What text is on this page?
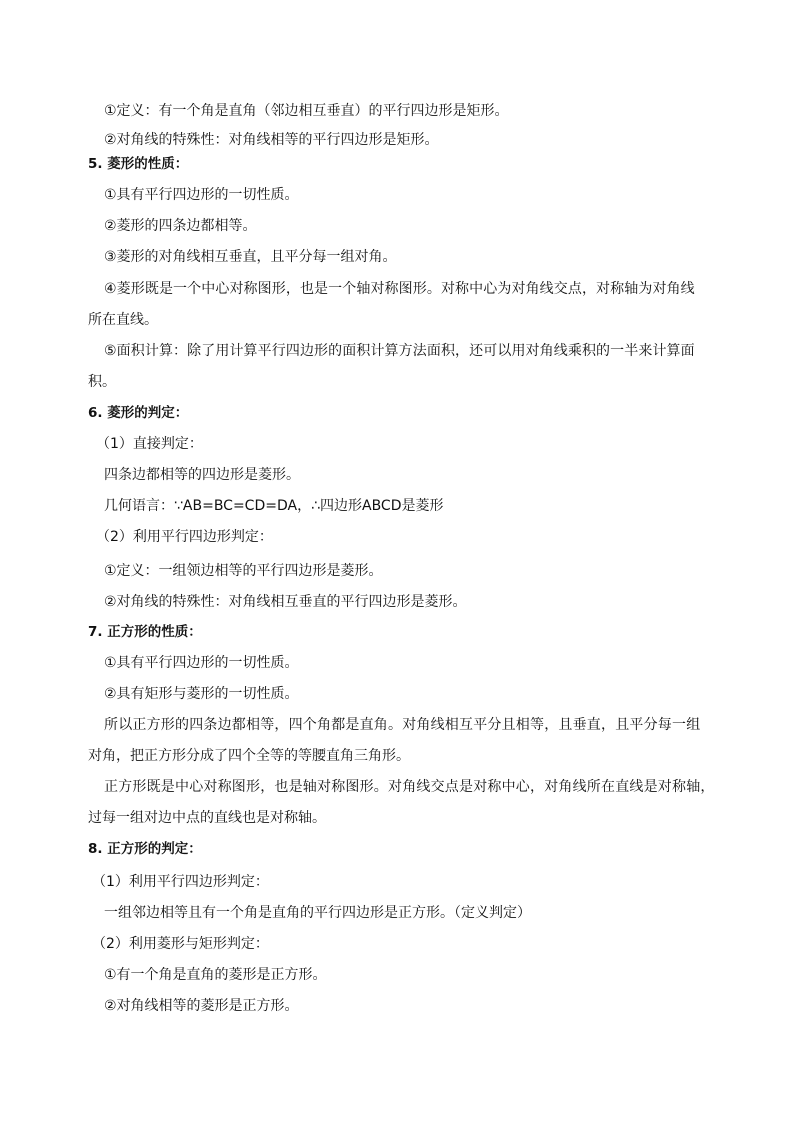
①定义：有一个角是直角（邻边相互垂直）的平行四边形是矩形。
②对角线的特殊性：对角线相等的平行四边形是矩形。
5. 菱形的性质：
①具有平行四边形的一切性质。
②菱形的四条边都相等。
③菱形的对角线相互垂直，且平分每一组对角。
④菱形既是一个中心对称图形，也是一个轴对称图形。对称中心为对角线交点，对称轴为对角线
所在直线。
⑤面积计算：除了用计算平行四边形的面积计算方法面积，还可以用对角线乘积的一半来计算面
积。
6. 菱形的判定：
（1）直接判定：
四条边都相等的四边形是菱形。
几何语言：∵AB=BC=CD=DA，∴四边形ABCD是菱形
（2）利用平行四边形判定：
①定义：一组领边相等的平行四边形是菱形。
②对角线的特殊性：对角线相互垂直的平行四边形是菱形。
7. 正方形的性质：
①具有平行四边形的一切性质。
②具有矩形与菱形的一切性质。
所以正方形的四条边都相等，四个角都是直角。对角线相互平分且相等，且垂直，且平分每一组
对角，把正方形分成了四个全等的等腰直角三角形。
正方形既是中心对称图形，也是轴对称图形。对角线交点是对称中心，对角线所在直线是对称轴，
过每一组对边中点的直线也是对称轴。
8. 正方形的判定：
（1）利用平行四边形判定：
一组邻边相等且有一个角是直角的平行四边形是正方形。（定义判定）
（2）利用菱形与矩形判定：
①有一个角是直角的菱形是正方形。
②对角线相等的菱形是正方形。
